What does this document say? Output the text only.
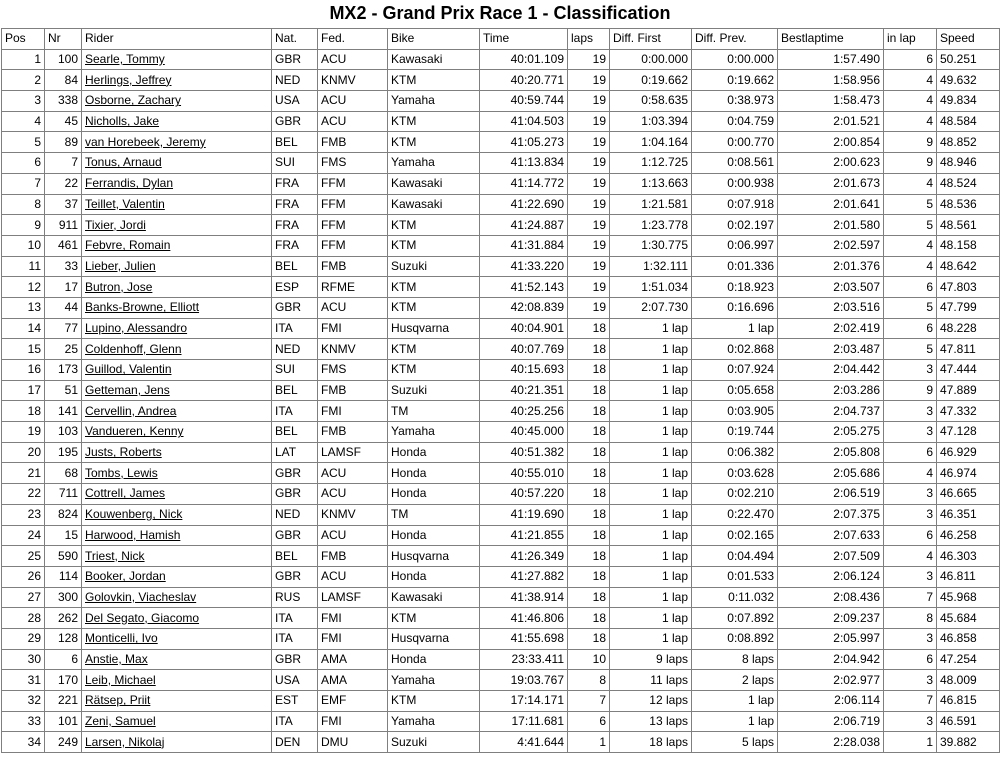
MX2 - Grand Prix Race 1 - Classification
Pos	Nr	Rider	Nat.	Fed.	Bike	Time	laps	Diff. First	Diff. Prev.	Bestlaptime	in lap	Speed
1	100	Searle, Tommy	GBR	ACU	Kawasaki	40:01.109	19	0:00.000	0:00.000	1:57.490	6	50.251
2	84	Herlings, Jeffrey	NED	KNMV	KTM	40:20.771	19	0:19.662	0:19.662	1:58.956	4	49.632
3	338	Osborne, Zachary	USA	ACU	Yamaha	40:59.744	19	0:58.635	0:38.973	1:58.473	4	49.834
4	45	Nicholls, Jake	GBR	ACU	KTM	41:04.503	19	1:03.394	0:04.759	2:01.521	4	48.584
5	89	van Horebeek, Jeremy	BEL	FMB	KTM	41:05.273	19	1:04.164	0:00.770	2:00.854	9	48.852
6	7	Tonus, Arnaud	SUI	FMS	Yamaha	41:13.834	19	1:12.725	0:08.561	2:00.623	9	48.946
7	22	Ferrandis, Dylan	FRA	FFM	Kawasaki	41:14.772	19	1:13.663	0:00.938	2:01.673	4	48.524
8	37	Teillet, Valentin	FRA	FFM	Kawasaki	41:22.690	19	1:21.581	0:07.918	2:01.641	5	48.536
9	911	Tixier, Jordi	FRA	FFM	KTM	41:24.887	19	1:23.778	0:02.197	2:01.580	5	48.561
10	461	Febvre, Romain	FRA	FFM	KTM	41:31.884	19	1:30.775	0:06.997	2:02.597	4	48.158
11	33	Lieber, Julien	BEL	FMB	Suzuki	41:33.220	19	1:32.111	0:01.336	2:01.376	4	48.642
12	17	Butron, Jose	ESP	RFME	KTM	41:52.143	19	1:51.034	0:18.923	2:03.507	6	47.803
13	44	Banks-Browne, Elliott	GBR	ACU	KTM	42:08.839	19	2:07.730	0:16.696	2:03.516	5	47.799
14	77	Lupino, Alessandro	ITA	FMI	Husqvarna	40:04.901	18	1 lap	1 lap	2:02.419	6	48.228
15	25	Coldenhoff, Glenn	NED	KNMV	KTM	40:07.769	18	1 lap	0:02.868	2:03.487	5	47.811
16	173	Guillod, Valentin	SUI	FMS	KTM	40:15.693	18	1 lap	0:07.924	2:04.442	3	47.444
17	51	Getteman, Jens	BEL	FMB	Suzuki	40:21.351	18	1 lap	0:05.658	2:03.286	9	47.889
18	141	Cervellin, Andrea	ITA	FMI	TM	40:25.256	18	1 lap	0:03.905	2:04.737	3	47.332
19	103	Vandueren, Kenny	BEL	FMB	Yamaha	40:45.000	18	1 lap	0:19.744	2:05.275	3	47.128
20	195	Justs, Roberts	LAT	LAMSF	Honda	40:51.382	18	1 lap	0:06.382	2:05.808	6	46.929
21	68	Tombs, Lewis	GBR	ACU	Honda	40:55.010	18	1 lap	0:03.628	2:05.686	4	46.974
22	711	Cottrell, James	GBR	ACU	Honda	40:57.220	18	1 lap	0:02.210	2:06.519	3	46.665
23	824	Kouwenberg, Nick	NED	KNMV	TM	41:19.690	18	1 lap	0:22.470	2:07.375	3	46.351
24	15	Harwood, Hamish	GBR	ACU	Honda	41:21.855	18	1 lap	0:02.165	2:07.633	6	46.258
25	590	Triest, Nick	BEL	FMB	Husqvarna	41:26.349	18	1 lap	0:04.494	2:07.509	4	46.303
26	114	Booker, Jordan	GBR	ACU	Honda	41:27.882	18	1 lap	0:01.533	2:06.124	3	46.811
27	300	Golovkin, Viacheslav	RUS	LAMSF	Kawasaki	41:38.914	18	1 lap	0:11.032	2:08.436	7	45.968
28	262	Del Segato, Giacomo	ITA	FMI	KTM	41:46.806	18	1 lap	0:07.892	2:09.237	8	45.684
29	128	Monticelli, Ivo	ITA	FMI	Husqvarna	41:55.698	18	1 lap	0:08.892	2:05.997	3	46.858
30	6	Anstie, Max	GBR	AMA	Honda	23:33.411	10	9 laps	8 laps	2:04.942	6	47.254
31	170	Leib, Michael	USA	AMA	Yamaha	19:03.767	8	11 laps	2 laps	2:02.977	3	48.009
32	221	Rätsep, Priit	EST	EMF	KTM	17:14.171	7	12 laps	1 lap	2:06.114	7	46.815
33	101	Zeni, Samuel	ITA	FMI	Yamaha	17:11.681	6	13 laps	1 lap	2:06.719	3	46.591
34	249	Larsen, Nikolaj	DEN	DMU	Suzuki	4:41.644	1	18 laps	5 laps	2:28.038	1	39.882
